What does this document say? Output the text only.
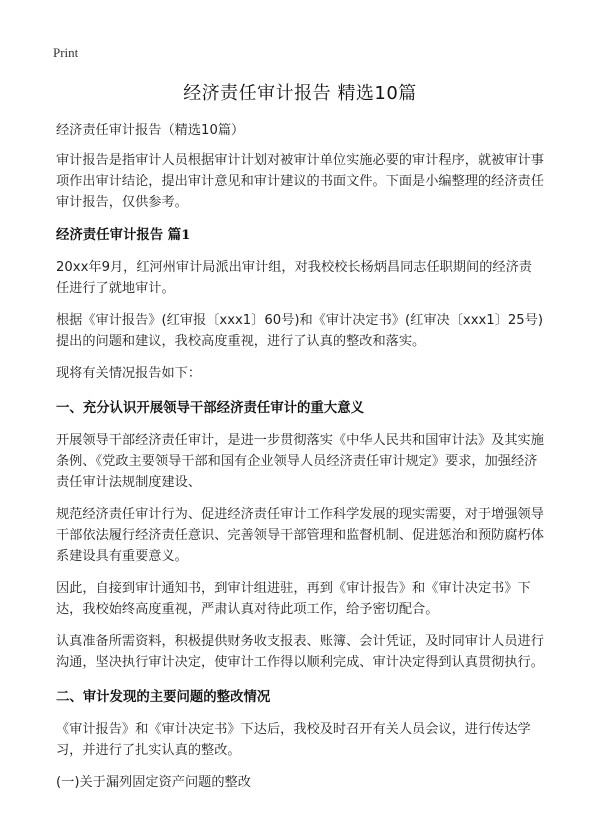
Print
经济责任审计报告 精选10篇

经济责任审计报告（精选10篇）

审计报告是指审计人员根据审计计划对被审计单位实施必要的审计程序，就被审计事项作出审计结论，提出审计意见和审计建议的书面文件。下面是小编整理的经济责任审计报告，仅供参考。

经济责任审计报告 篇1

20xx年9月，红河州审计局派出审计组，对我校校长杨炳昌同志任职期间的经济责任进行了就地审计。

根据《审计报告》(红审报〔xxx1〕60号)和《审计决定书》(红审决〔xxx1〕25号)提出的问题和建议，我校高度重视，进行了认真的整改和落实。

现将有关情况报告如下：

一、充分认识开展领导干部经济责任审计的重大意义

开展领导干部经济责任审计，是进一步贯彻落实《中华人民共和国审计法》及其实施条例、《党政主要领导干部和国有企业领导人员经济责任审计规定》要求，加强经济责任审计法规制度建设、

规范经济责任审计行为、促进经济责任审计工作科学发展的现实需要，对于增强领导干部依法履行经济责任意识、完善领导干部管理和监督机制、促进惩治和预防腐朽体系建设具有重要意义。

因此，自接到审计通知书，到审计组进驻，再到《审计报告》和《审计决定书》下达，我校始终高度重视，严肃认真对待此项工作，给予密切配合。

认真准备所需资料，积极提供财务收支报表、账簿、会计凭证，及时同审计人员进行沟通，坚决执行审计决定，使审计工作得以顺利完成、审计决定得到认真贯彻执行。

二、审计发现的主要问题的整改情况

《审计报告》和《审计决定书》下达后，我校及时召开有关人员会议，进行传达学习，并进行了扎实认真的整改。

(一)关于漏列固定资产问题的整改
